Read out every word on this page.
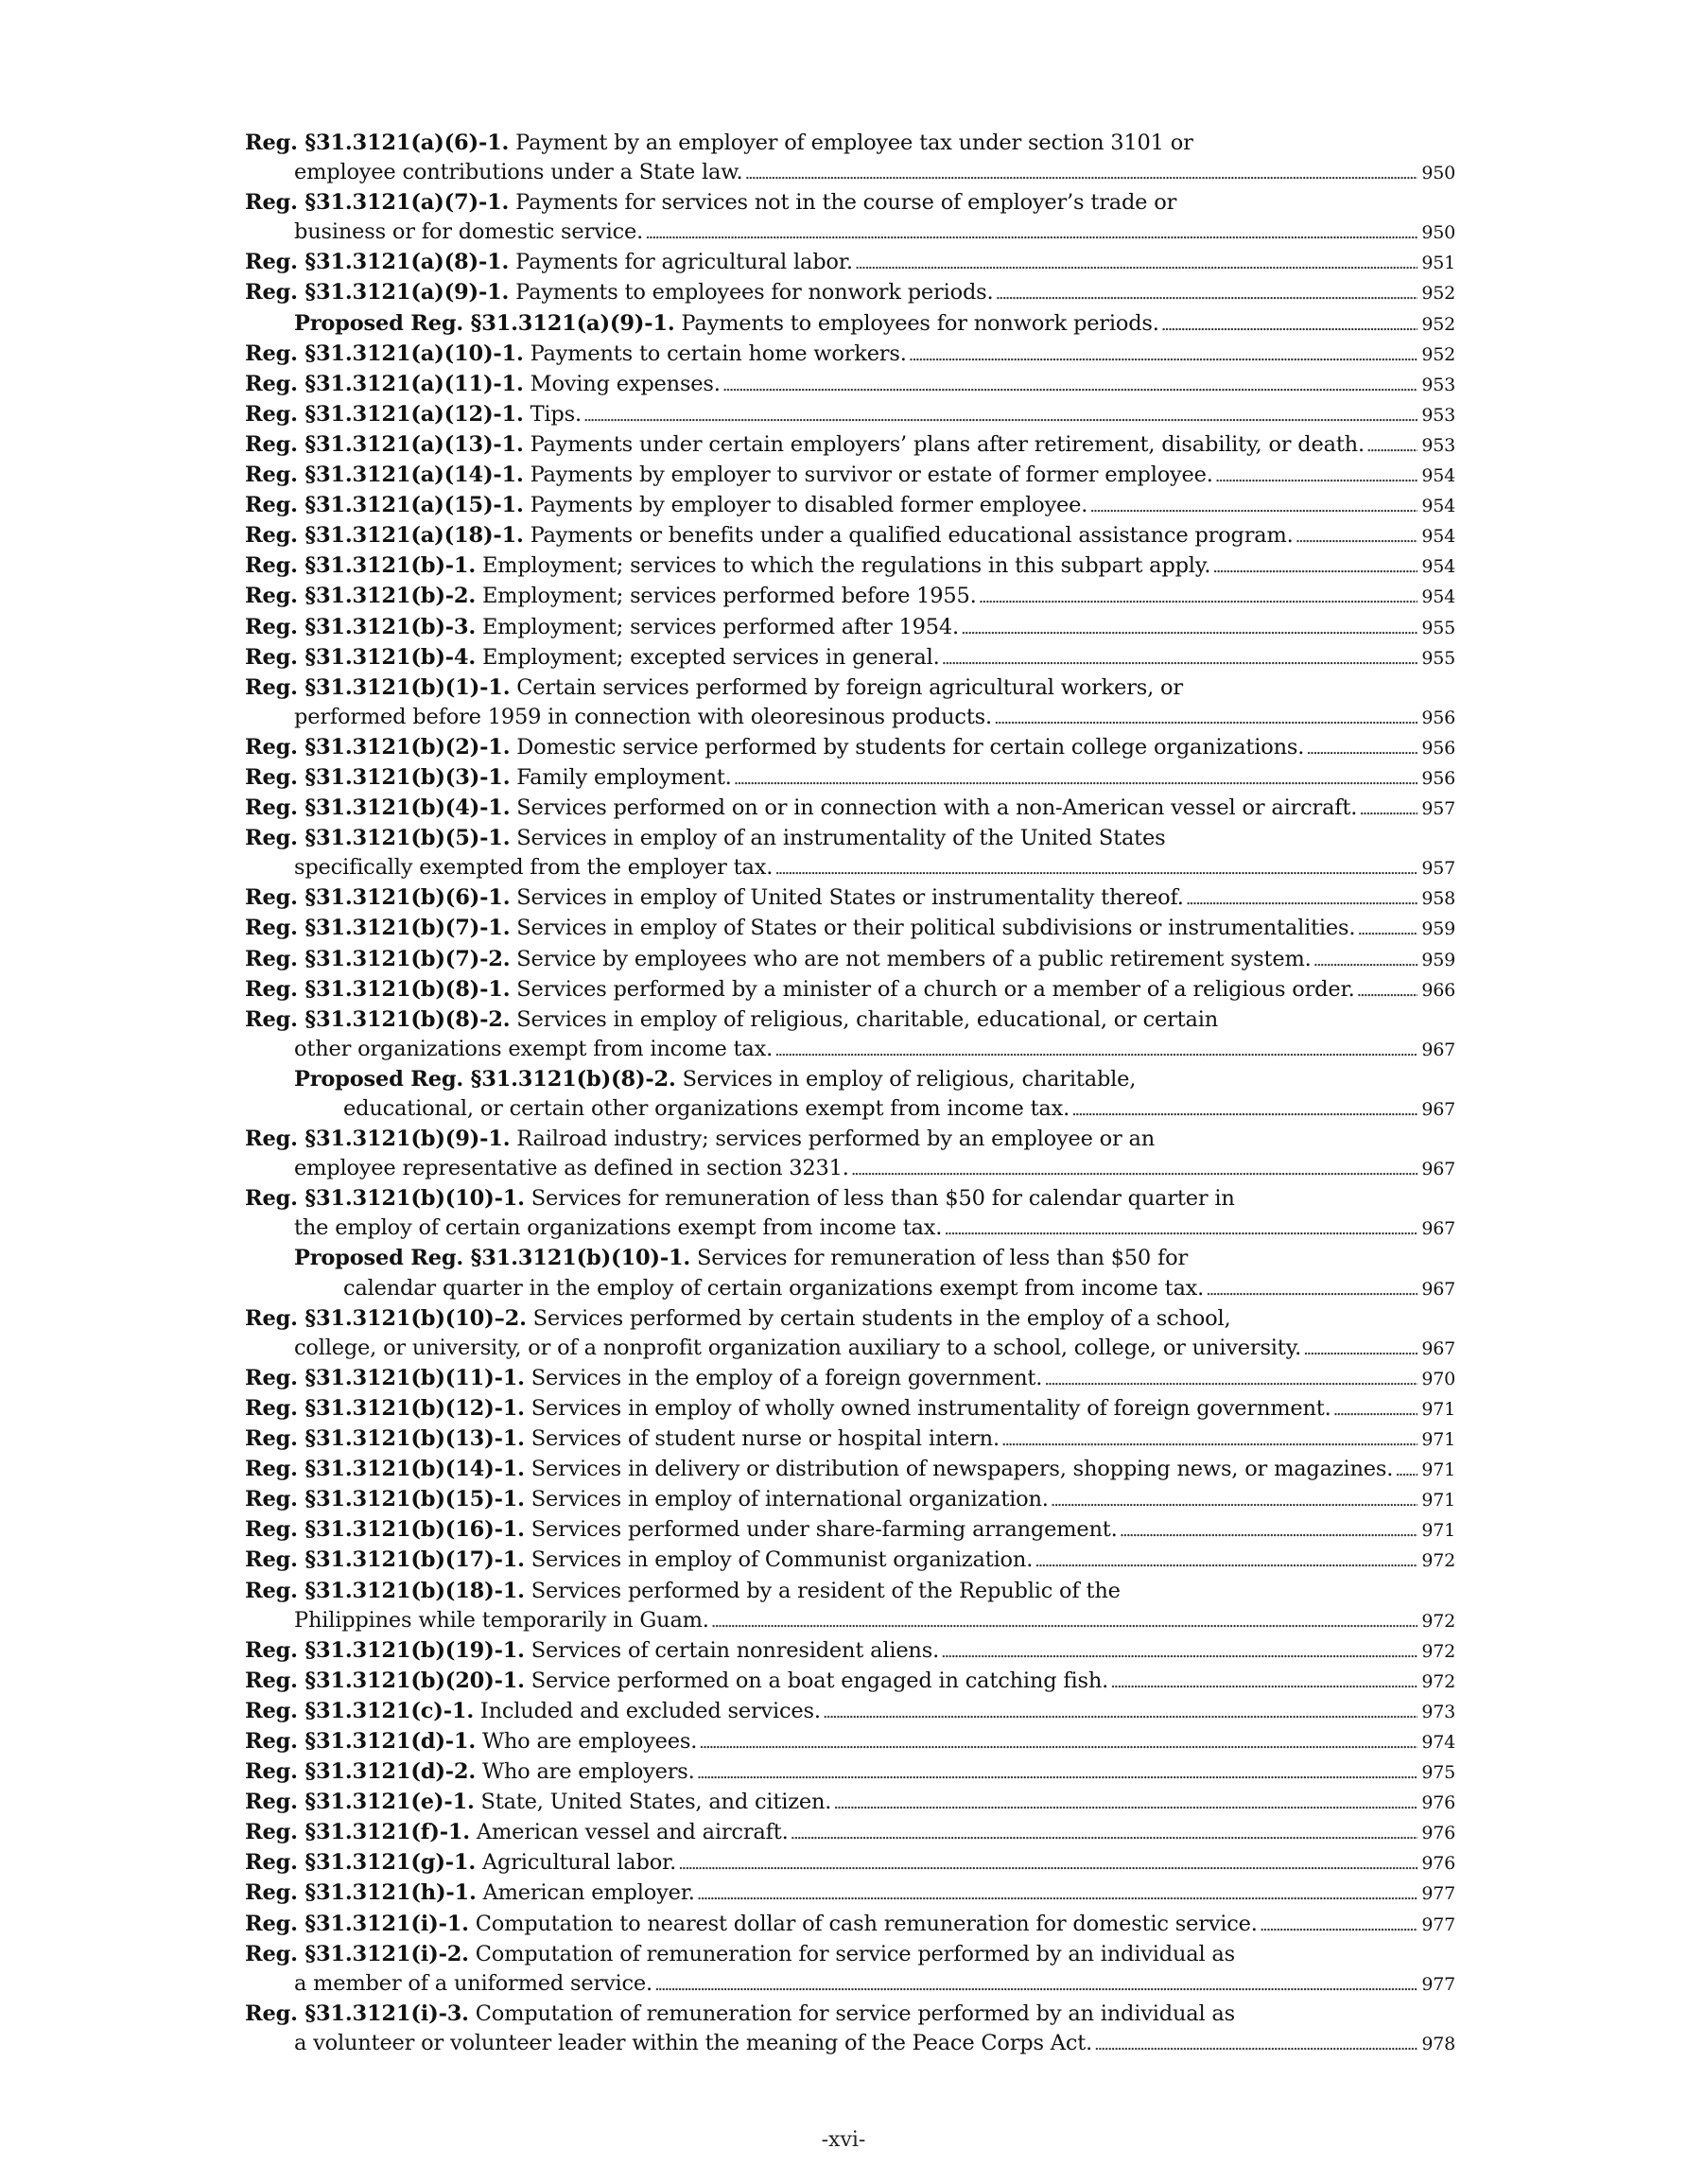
Reg. §31.3121(a)(6)-1. Payment by an employer of employee tax under section 3101 or
employee contributions under a State law. . . .	950
Reg. §31.3121(a)(7)-1. Payments for services not in the course of employer’s trade or
business or for domestic service. . . .	950
Reg. §31.3121(a)(8)-1. Payments for agricultural labor. . . .	951
Reg. §31.3121(a)(9)-1. Payments to employees for nonwork periods. . . .	952
Proposed Reg. §31.3121(a)(9)-1. Payments to employees for nonwork periods. . . .	952
Reg. §31.3121(a)(10)-1. Payments to certain home workers. . . .	952
Reg. §31.3121(a)(11)-1. Moving expenses. . . .	953
Reg. §31.3121(a)(12)-1. Tips. . . .	953
Reg. §31.3121(a)(13)-1. Payments under certain employers’ plans after retirement, disability, or death. . . .	953
Reg. §31.3121(a)(14)-1. Payments by employer to survivor or estate of former employee. . . .	954
Reg. §31.3121(a)(15)-1. Payments by employer to disabled former employee. . . .	954
Reg. §31.3121(a)(18)-1. Payments or benefits under a qualified educational assistance program. . . .	954
Reg. §31.3121(b)-1. Employment; services to which the regulations in this subpart apply. . . .	954
Reg. §31.3121(b)-2. Employment; services performed before 1955. . . .	954
Reg. §31.3121(b)-3. Employment; services performed after 1954. . . .	955
Reg. §31.3121(b)-4. Employment; excepted services in general. . . .	955
Reg. §31.3121(b)(1)-1. Certain services performed by foreign agricultural workers, or
performed before 1959 in connection with oleoresinous products. . . .	956
Reg. §31.3121(b)(2)-1. Domestic service performed by students for certain college organizations. . . .	956
Reg. §31.3121(b)(3)-1. Family employment. . . .	956
Reg. §31.3121(b)(4)-1. Services performed on or in connection with a non-American vessel or aircraft. . . .	957
Reg. §31.3121(b)(5)-1. Services in employ of an instrumentality of the United States
specifically exempted from the employer tax. . . .	957
Reg. §31.3121(b)(6)-1. Services in employ of United States or instrumentality thereof. . . .	958
Reg. §31.3121(b)(7)-1. Services in employ of States or their political subdivisions or instrumentalities. . . .	959
Reg. §31.3121(b)(7)-2. Service by employees who are not members of a public retirement system. . . .	959
Reg. §31.3121(b)(8)-1. Services performed by a minister of a church or a member of a religious order. . . .	966
Reg. §31.3121(b)(8)-2. Services in employ of religious, charitable, educational, or certain
other organizations exempt from income tax. . . .	967
Proposed Reg. §31.3121(b)(8)-2. Services in employ of religious, charitable,
educational, or certain other organizations exempt from income tax. . . .	967
Reg. §31.3121(b)(9)-1. Railroad industry; services performed by an employee or an
employee representative as defined in section 3231. . . .	967
Reg. §31.3121(b)(10)-1. Services for remuneration of less than $50 for calendar quarter in
the employ of certain organizations exempt from income tax. . . .	967
Proposed Reg. §31.3121(b)(10)-1. Services for remuneration of less than $50 for
calendar quarter in the employ of certain organizations exempt from income tax. . . .	967
Reg. §31.3121(b)(10)–2. Services performed by certain students in the employ of a school,
college, or university, or of a nonprofit organization auxiliary to a school, college, or university. . . .	967
Reg. §31.3121(b)(11)-1. Services in the employ of a foreign government. . . .	970
Reg. §31.3121(b)(12)-1. Services in employ of wholly owned instrumentality of foreign government. . . .	971
Reg. §31.3121(b)(13)-1. Services of student nurse or hospital intern. . . .	971
Reg. §31.3121(b)(14)-1. Services in delivery or distribution of newspapers, shopping news, or magazines. . . . 971
Reg. §31.3121(b)(15)-1. Services in employ of international organization. . . .	971
Reg. §31.3121(b)(16)-1. Services performed under share-farming arrangement. . . .	971
Reg. §31.3121(b)(17)-1. Services in employ of Communist organization. . . .	972
Reg. §31.3121(b)(18)-1. Services performed by a resident of the Republic of the
Philippines while temporarily in Guam. . . .	972
Reg. §31.3121(b)(19)-1. Services of certain nonresident aliens. . . .	972
Reg. §31.3121(b)(20)-1. Service performed on a boat engaged in catching fish. . . .	972
Reg. §31.3121(c)-1. Included and excluded services. . . .	973
Reg. §31.3121(d)-1. Who are employees. . . .	974
Reg. §31.3121(d)-2. Who are employers. . . .	975
Reg. §31.3121(e)-1. State, United States, and citizen. . . .	976
Reg. §31.3121(f)-1. American vessel and aircraft. . . .	976
Reg. §31.3121(g)-1. Agricultural labor. . . .	976
Reg. §31.3121(h)-1. American employer. . . .	977
Reg. §31.3121(i)-1. Computation to nearest dollar of cash remuneration for domestic service. . . .	977
Reg. §31.3121(i)-2. Computation of remuneration for service performed by an individual as
a member of a uniformed service. . . .	977
Reg. §31.3121(i)-3. Computation of remuneration for service performed by an individual as
a volunteer or volunteer leader within the meaning of the Peace Corps Act. . . .	978
-xvi-
